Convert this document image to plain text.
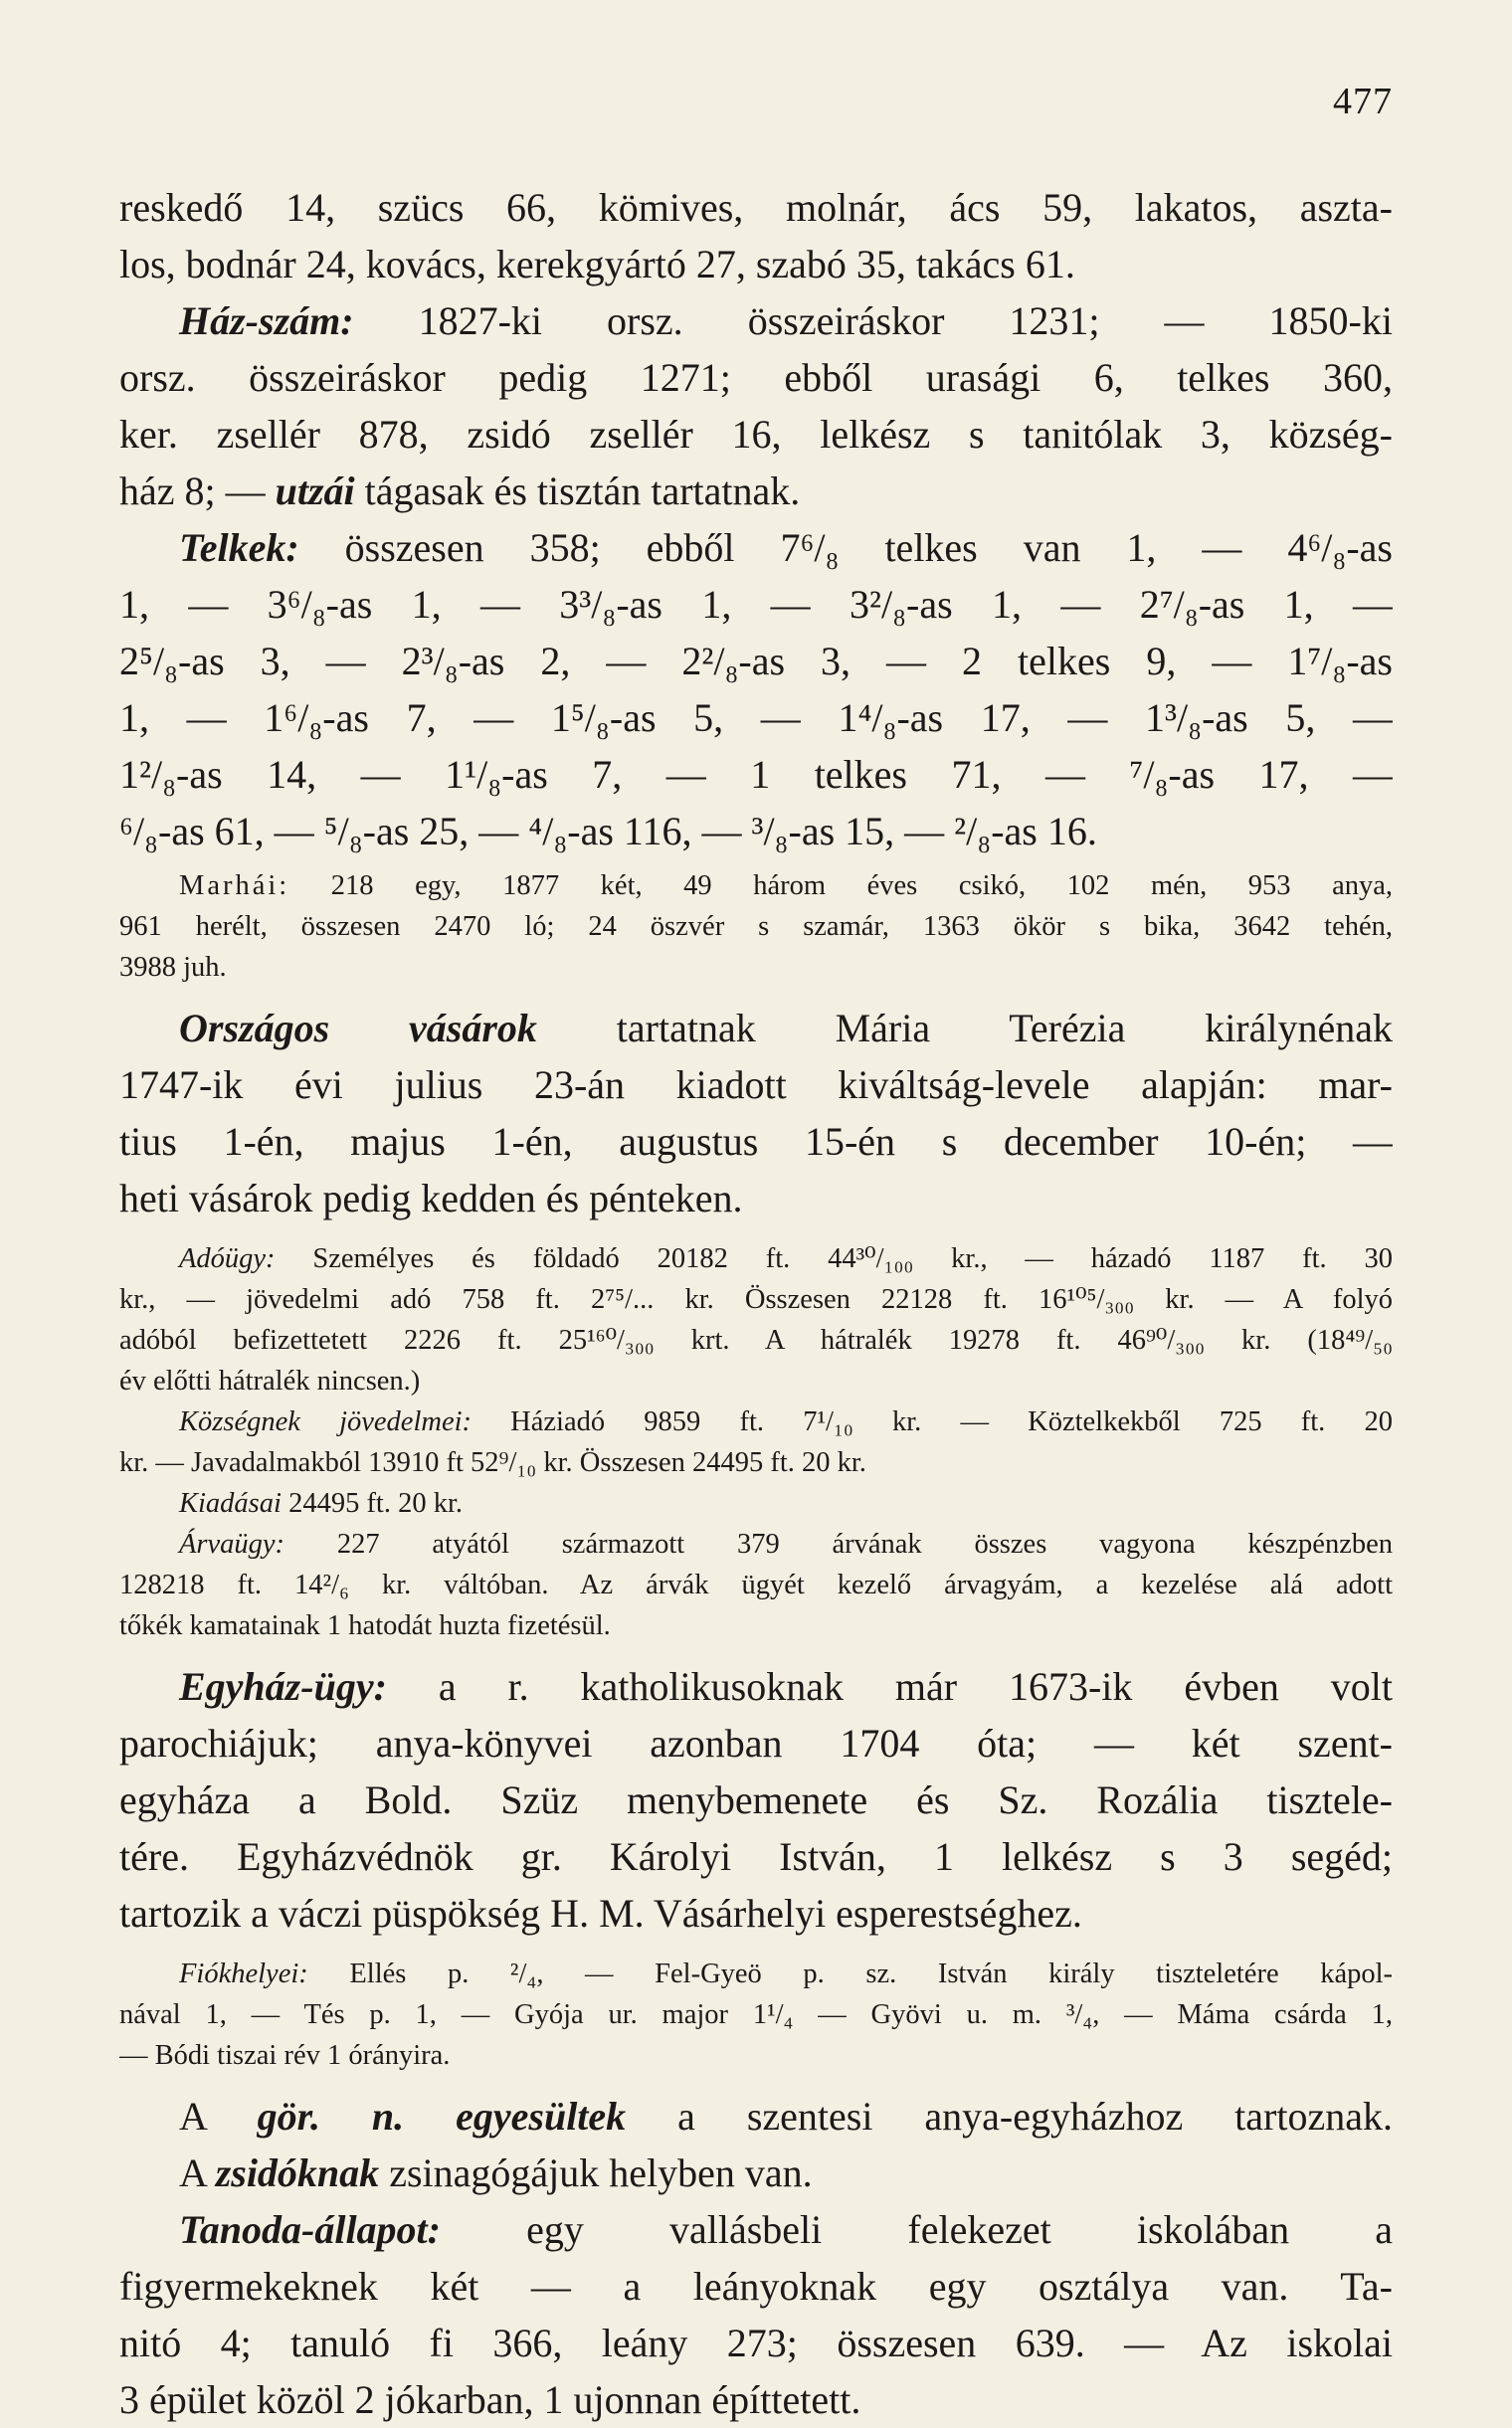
477
reskedő 14, szücs 66, kömives, molnár, ács 59, lakatos, aszta-
los, bodnár 24, kovács, kerekgyártó 27, szabó 35, takács 61.
Ház-szám: 1827-ki orsz. összeiráskor 1231; — 1850-ki
orsz. összeiráskor pedig 1271; ebből urasági 6, telkes 360,
ker. zsellér 878, zsidó zsellér 16, lelkész s tanitólak 3, község-
ház 8; — utzái tágasak és tisztán tartatnak.
Telkek: összesen 358; ebből 7⁶/₈ telkes van 1, — 4⁶/₈-as
1, — 3⁶/₈-as 1, — 3³/₈-as 1, — 3²/₈-as 1, — 2⁷/₈-as 1, —
2⁵/₈-as 3, — 2³/₈-as 2, — 2²/₈-as 3, — 2 telkes 9, — 1⁷/₈-as
1, — 1⁶/₈-as 7, — 1⁵/₈-as 5, — 1⁴/₈-as 17, — 1³/₈-as 5, —
1²/₈-as 14, — 1¹/₈-as 7, — 1 telkes 71, — ⁷/₈-as 17, —
⁶/₈-as 61, — ⁵/₈-as 25, — ⁴/₈-as 116, — ³/₈-as 15, — ²/₈-as 16.
Marhái: 218 egy, 1877 két, 49 három éves csikó, 102 mén, 953 anya,
961 herélt, összesen 2470 ló; 24 öszvér s szamár, 1363 ökör s bika, 3642 tehén,
3988 juh.
Országos vásárok tartatnak Mária Terézia királynénak
1747-ik évi julius 23-án kiadott kiváltság-levele alapján: mar-
tius 1-én, majus 1-én, augustus 15-én s december 10-én; —
heti vásárok pedig kedden és pénteken.
Adóügy: Személyes és földadó 20182 ft. 44³⁰/₁₀₀ kr., — házadó 1187 ft. 30
kr., — jövedelmi adó 758 ft. 2⁷⁵/... kr. Összesen 22128 ft. 16¹⁰⁵/₃₀₀ kr. — A folyó
adóból befizettetett 2226 ft. 25¹⁶⁰/₃₀₀ krt. A hátralék 19278 ft. 46⁹⁰/₃₀₀ kr. (18⁴⁹/₅₀
év előtti hátralék nincsen.)
Községnek jövedelmei: Háziadó 9859 ft. 7¹/₁₀ kr. — Köztelkekből 725 ft. 20
kr. — Javadalmakból 13910 ft 52⁹/₁₀ kr. Összesen 24495 ft. 20 kr.
Kiadásai 24495 ft. 20 kr.
Árvaügy: 227 atyától származott 379 árvának összes vagyona készpénzben
128218 ft. 14²/₆ kr. váltóban. Az árvák ügyét kezelő árvagyám, a kezelése alá adott
tőkék kamatainak 1 hatodát huzta fizetésül.
Egyház-ügy: a r. katholikusoknak már 1673-ik évben volt
parochiájuk; anya-könyvei azonban 1704 óta; — két szent-
egyháza a Bold. Szüz menybemenete és Sz. Rozália tisztele-
tére. Egyházvédnök gr. Károlyi István, 1 lelkész s 3 segéd;
tartozik a váczi püspökség H. M. Vásárhelyi esperestséghez.
Fiókhelyei: Ellés p. ²/₄, — Fel-Gyeö p. sz. István király tiszteletére kápol-
nával 1, — Tés p. 1, — Gyója ur. major 1¹/₄ — Gyövi u. m. ³/₄, — Máma csárda 1,
— Bódi tiszai rév 1 órányira.
A gör. n. egyesültek a szentesi anya-egyházhoz tartoznak.
A zsidóknak zsinagógájuk helyben van.
Tanoda-állapot: egy vallásbeli felekezet iskolában a
figyermekeknek két — a leányoknak egy osztálya van. Ta-
nitó 4; tanuló fi 366, leány 273; összesen 639. — Az iskolai
3 épület közöl 2 jókarban, 1 ujonnan építtetett.
